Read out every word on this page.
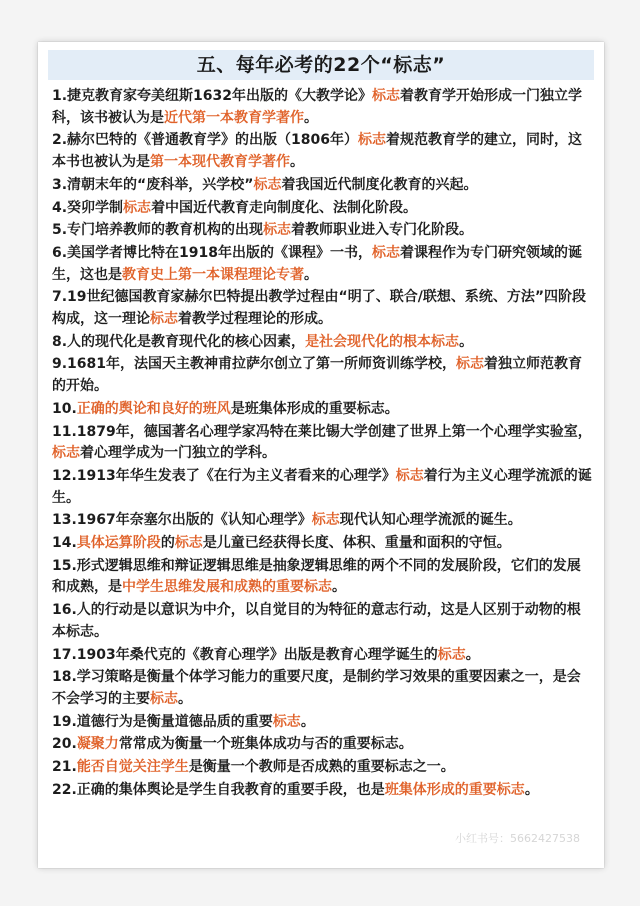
五、每年必考的22个“标志”
1.捷克教育家夸美纽斯1632年出版的《大教学论》标志着教育学开始形成一门独立学科，该书被认为是近代第一本教育学著作。
2.赫尔巴特的《普通教育学》的出版（1806年）标志着规范教育学的建立，同时，这本书也被认为是第一本现代教育学著作。
3.清朝末年的“废科举，兴学校”标志着我国近代制度化教育的兴起。
4.癸卯学制标志着中国近代教育走向制度化、法制化阶段。
5.专门培养教师的教育机构的出现标志着教师职业进入专门化阶段。
6.美国学者博比特在1918年出版的《课程》一书，标志着课程作为专门研究领域的诞生，这也是教育史上第一本课程理论专著。
7.19世纪德国教育家赫尔巴特提出教学过程由“明了、联合/联想、系统、方法”四阶段构成，这一理论标志着教学过程理论的形成。
8.人的现代化是教育现代化的核心因素，是社会现代化的根本标志。
9.1681年，法国天主教神甫拉萨尔创立了第一所师资训练学校，标志着独立师范教育的开始。
10.正确的舆论和良好的班风是班集体形成的重要标志。
11.1879年，德国著名心理学家冯特在莱比锡大学创建了世界上第一个心理学实验室，标志着心理学成为一门独立的学科。
12.1913年华生发表了《在行为主义者看来的心理学》标志着行为主义心理学流派的诞生。
13.1967年奈塞尔出版的《认知心理学》标志现代认知心理学流派的诞生。
14.具体运算阶段的标志是儿童已经获得长度、体积、重量和面积的守恒。
15.形式逻辑思维和辩证逻辑思维是抽象逻辑思维的两个不同的发展阶段，它们的发展和成熟，是中学生思维发展和成熟的重要标志。
16.人的行动是以意识为中介，以自觉目的为特征的意志行动，这是人区别于动物的根本标志。
17.1903年桑代克的《教育心理学》出版是教育心理学诞生的标志。
18.学习策略是衡量个体学习能力的重要尺度，是制约学习效果的重要因素之一，是会不会学习的主要标志。
19.道德行为是衡量道德品质的重要标志。
20.凝聚力常常成为衡量一个班集体成功与否的重要标志。
21.能否自觉关注学生是衡量一个教师是否成熟的重要标志之一。
22.正确的集体舆论是学生自我教育的重要手段，也是班集体形成的重要标志。
小红书号：5662427538
